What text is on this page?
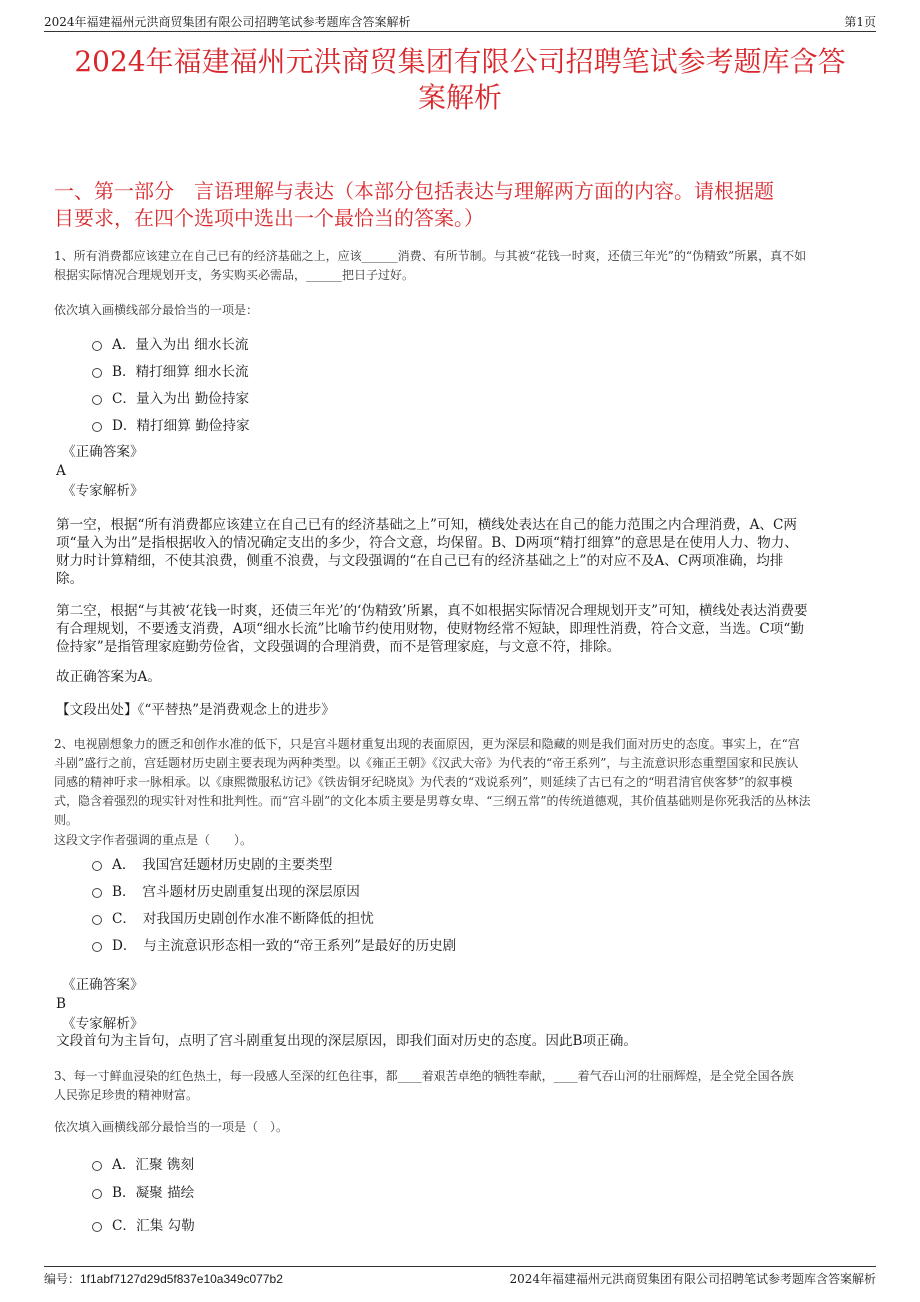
2024年福建福州元洪商贸集团有限公司招聘笔试参考题库含答案解析	第1页
2024年福建福州元洪商贸集团有限公司招聘笔试参考题库含答
案解析
一、第一部分　言语理解与表达（本部分包括表达与理解两方面的内容。请根据题
目要求，在四个选项中选出一个最恰当的答案。）
1、所有消费都应该建立在自己已有的经济基础之上，应该______消费、有所节制。与其被“花钱一时爽，还债三年光”的“伪精致”所累，真不如
根据实际情况合理规划开支，务实购买必需品，______把日子过好。
依次填入画横线部分最恰当的一项是：
A．量入为出 细水长流
B．精打细算 细水长流
C．量入为出 勤俭持家
D．精打细算 勤俭持家
《正确答案》
A
《专家解析》
第一空，根据“所有消费都应该建立在自己已有的经济基础之上”可知，横线处表达在自己的能力范围之内合理消费，A、C两
项“量入为出”是指根据收入的情况确定支出的多少，符合文意，均保留。B、D两项“精打细算”的意思是在使用人力、物力、
财力时计算精细，不使其浪费，侧重不浪费，与文段强调的“在自己已有的经济基础之上”的对应不及A、C两项准确，均排
除。
第二空，根据“与其被‘花钱一时爽，还债三年光’的‘伪精致’所累，真不如根据实际情况合理规划开支”可知，横线处表达消费要
有合理规划，不要透支消费，A项“细水长流”比喻节约使用财物，使财物经常不短缺，即理性消费，符合文意，当选。C项“勤
俭持家”是指管理家庭勤劳俭省，文段强调的合理消费，而不是管理家庭，与文意不符，排除。
故正确答案为A。
【文段出处】《“平替热”是消费观念上的进步》
2、电视剧想象力的匮乏和创作水准的低下，只是宫斗题材重复出现的表面原因，更为深层和隐藏的则是我们面对历史的态度。事实上，在“宫
斗剧”盛行之前，宫廷题材历史剧主要表现为两种类型。以《雍正王朝》《汉武大帝》为代表的“帝王系列”，与主流意识形态重塑国家和民族认
同感的精神吁求一脉相承。以《康熙微服私访记》《铁齿铜牙纪晓岚》为代表的“戏说系列”，则延续了古已有之的“明君清官侠客梦”的叙事模
式，隐含着强烈的现实针对性和批判性。而“宫斗剧”的文化本质主要是男尊女卑、“三纲五常”的传统道德观，其价值基础则是你死我活的丛林法
则。
这段文字作者强调的重点是（　　）。
A．　我国宫廷题材历史剧的主要类型
B．　宫斗题材历史剧重复出现的深层原因
C．　对我国历史剧创作水准不断降低的担忧
D．　与主流意识形态相一致的“帝王系列”是最好的历史剧
《正确答案》
B
《专家解析》
文段首句为主旨句，点明了宫斗剧重复出现的深层原因，即我们面对历史的态度。因此B项正确。
3、每一寸鲜血浸染的红色热土，每一段感人至深的红色往事，都____着艰苦卓绝的牺牲奉献，____着气吞山河的壮丽辉煌，是全党全国各族
人民弥足珍贵的精神财富。
依次填入画横线部分最恰当的一项是（　）。
A．汇聚 镌刻
B．凝聚 描绘
C．汇集 勾勒
编号：1f1abf7127d29d5f837e10a349c077b2	2024年福建福州元洪商贸集团有限公司招聘笔试参考题库含答案解析
